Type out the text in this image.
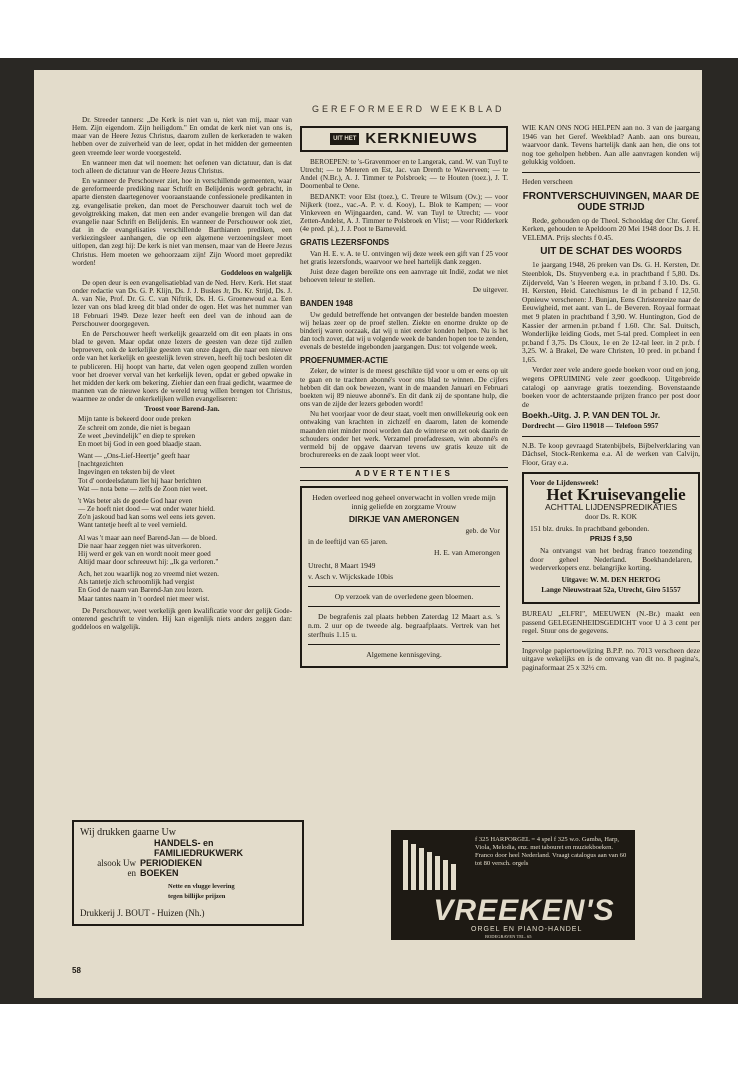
GEREFORMEERD WEEKBLAD

Dr. Streeder tanners: „De Kerk is niet van u, niet van mij, maar van Hem. Zijn eigendom. Zijn heiligdom." En omdat de kerk niet van ons is, maar van de Heere Jezus Christus, daarom zullen de kerkeraden te waken hebben over de zuiverheid van de leer, opdat in het midden der gemeenten geen vreemde leer worde voorgesteld.

En wanneer men dat wil noemen: het oefenen van dictatuur, dan is dat toch alleen de dictatuur van de Heere Jezus Christus.

En wanneer de Perschouwer ziet, hoe in verschillende gemeenten, waar de gereformeerde prediking naar Schrift en Belijdenis wordt gebracht, in aparte diensten daartegenover vooraanstaande confessionele predikanten in zg. evangelisatie preken, dan moet de Perschouwer daaruit toch wel de gevolgtrekking maken, dat men een ander evangelie brengen wil dan dat evangelie naar Schrift en Belijdenis. En wanneer de Perschouwer ook ziet, dat in de evangelisaties verschillende Barthianen prediken, een verkiezingsleer aanhangen, die op een algemene verzoeningsleer moet uitlopen, dan zegt hij: De kerk is niet van mensen, maar van de Heere Jezus Christus. Hem moeten we gehoorzaam zijn! Zijn Woord moet gepredikt worden!

Goddeloos en walgelijk

De open deur is een evangelisatieblad van de Ned. Herv. Kerk. Het staat onder redactie van Ds. G. P. Klijn, Ds. J. J. Buskes Jr, Ds. Kr. Strijd, Ds. J. A. van Nie, Prof. Dr. G. C. van Niftrik, Ds. H. G. Groenewoud e.a. Een lezer van ons blad kreeg dit blad onder de ogen. Het was het nummer van 18 Februari 1949. Deze lezer heeft een deel van de inhoud aan de Perschouwer doorgegeven.

En de Perschouwer heeft werkelijk geaarzeld om dit een plaats in ons blad te geven. Maar opdat onze lezers de geesten van deze tijd zullen beproeven, ook de kerkelijke geesten van onze dagen, die naar een nieuwe orde van het kerkelijk en geestelijk leven streven, heeft hij toch besloten dit te publiceren. Hij hoopt van harte, dat velen ogen geopend zullen worden voor het droever verval van het kerkelijk leven, opdat er gebed opwake in het midden der kerk om bekering. Ziehier dan een fraai gedicht, waarmee de mannen van de nieuwe koers de wereld terug willen brengen tot Christus, waarmee ze onder de onkerkelijken willen evangeliseren:

Troost voor Barend-Jan.

Mijn tante is bekeerd door oude preken
Ze schreit om zonde, die niet is begaan
Ze weet „bevindelijk" en diep te spreken
En moet bij God in een goed blaadje staan.
Want — „Ons-Lief-Heertje" geeft haar
[nachtgezichten
Ingevingen en teksten bij de vleet
Tot d' oordeelsdatum liet hij haar berichten
Wat — nota bene — zelfs de Zoon niet weet.
't Was beter als de goede God haar even
— Ze hoeft niet dood — wat onder water hield.
Zo'n jaskoud bad kan soms wel eens iets geven.
Want tantetje heeft al te veel vernield.
Al was 't maar aan neef Barend-Jan — de bloed.
Die naar haar zeggen niet was uitverkoren.
Hij werd er gek van en wordt nooit meer goed
Altijd maar door schreeuwt hij: „Ik ga verloren."
Ach, het zou waarlijk nog zo vreemd niet wezen.
Als tantetje zich schroomlijk had vergist
En God de naam van Barend-Jan zou lezen.
Maar tantes naam in 't oordeel niet meer wist.

De Perschouwer, weet werkelijk geen kwalificatie voor der gelijk Gode-onterend geschrift te vinden. Hij kan eigenlijk niets anders zeggen dan: goddeloos en walgelijk.

Wij drukken gaarne Uw
HANDELS- en
FAMILIEDRUKWERK
alsook Uw PERIODIEKEN
en BOEKEN
Nette en vlugge levering
tegen billijke prijzen
Drukkerij J. BOUT - Huizen (Nh.)
58
UIT HET KERKNIEUWS

BEROEPEN: te 's-Gravenmoer en te Langerak, cand. W. van Tuyl te Utrecht; — te Meteren en Est, Jac. van Drenth te Wawerveen; — te Andel (N.Br.), A. J. Timmer te Polsbroek; — te Houten (toez.), J. T. Doornenbal te Oene.

BEDANKT: voor Elst (toez.), C. Treure te Wilsum (Ov.); — voor Nijkerk (toez., vac.-A. P. v. d. Kooy), L. Blok te Kampen; — voor Vinkeveen en Wijngaarden, cand. W. van Tuyl te Utrecht; — voor Zetten-Andelst, A. J. Timmer te Polsbroek en Vlist; — voor Ridderkerk (4e pred. pl.), J. J. Poot te Barneveld.

GRATIS LEZERSFONDS

Van H. E. v. A. te U. ontvingen wij deze week een gift van f 25 voor het gratis lezersfonds, waarvoor we heel hartelijk dank zeggen.

Juist deze dagen bereikte ons een aanvrage uit Indië, zodat we niet behoeven teleur te stellen.

De uitgever.

BANDEN 1948

Uw geduld betreffende het ontvangen der bestelde banden moesten wij helaas zeer op de proef stellen. Ziekte en enorme drukte op de binderij waren oorzaak, dat wij u niet eerder konden helpen. Nu is het dan toch zover, dat wij u volgende week de banden hopen toe te zenden, evenals de bestelde ingebonden jaargangen. Dus: tot volgende week.

PROEFNUMMER-ACTIE

Zeker, de winter is de meest geschikte tijd voor u om er eens op uit te gaan en te trachten abonné's voor ons blad te winnen. De cijfers hebben dit dan ook bewezen, want in de maanden Januari en Februari boekten wij 89 nieuwe abonné's. En dit dank zij de spontane hulp, die ons van de zijde der lezers geboden wordt!

Nu het voorjaar voor de deur staat, voelt men onwillekeurig ook een ontwaking van krachten in zichzelf en daarom, laten de komende maanden niet minder mooi worden dan de winterse en zet ook daarin de schouders onder het werk. Verzamel proefadressen, win abonné's en vermeld bij de opgave daarvan tevens uw gratis keuze uit de brochurereeks en de zaak loopt weer vlot.

ADVERTENTIES

Heden overleed nog geheel onverwacht in vollen vrede mijn innig geliefde en zorgzame Vrouw

DIRKJE VAN AMERONGEN

geb. de Vor

in de leeftijd van 65 jaren.

H. E. van Amerongen

Utrecht, 8 Maart 1949

v. Asch v. Wijckskade 10bis

Op verzoek van de overledene geen bloemen.

De begrafenis zal plaats hebben Zaterdag 12 Maart a.s. 's n.m. 2 uur op de tweede alg. begraafplaats. Vertrek van het sterfhuis 1.15 u.

Algemene kennisgeving.

f 325 HARPORGEL = 4 spel f 325 w.o. Gamba, Harp, Viola, Melodia, enz. met tabouret en muziekboeken. Franco door heel Nederland. Vraagt catalogus aan van 60 tot 80 versch. orgels
VREEKEN'S
ORGEL EN PIANO-HANDEL
BODEGRAVEN TEL. 65

WIE KAN ONS NOG HELPEN aan no. 3 van de jaargang 1946 van het Geref. Weekblad? Aanb. aan ons bureau, waarvoor dank. Tevens hartelijk dank aan hen, die ons tot nog toe geholpen hebben. Aan alle aanvragen konden wij gelukkig voldoen.

Heden verscheen

FRONTVERSCHUIVINGEN, MAAR DE OUDE STRIJD

Rede, gehouden op de Theol. Schooldag der Chr. Geref. Kerken, gehouden te Apeldoorn 20 Mei 1948 door Ds. J. H. VELEMA. Prijs slechts f 0.45.

UIT DE SCHAT DES WOORDS

1e jaargang 1948, 26 preken van Ds. G. H. Kersten, Dr. Steenblok, Ds. Stuyvenberg e.a. in prachtband f 5,80. Ds. Zijderveld, Van 's Heeren wegen, in pr.band f 3.10. Ds. G. H. Kersten, Heid. Catechismus 1e dl in pr.band f 12,50. Opnieuw verschenen: J. Bunjan, Eens Christenreize naar de Eeuwigheid, met aant. van L. de Beveren. Royaal formaat met 9 platen in prachtband f 3,90. W. Huntington, God de Kassier der armen.in pr.band f 1.60. Chr. Sal. Duitsch, Wonderlijke leiding Gods, met 5-tal pred. Compleet in een pr.band f 3,75. Ds Cloux, 1e en 2e 12-tal leer. in 2 pr.b. f 3,25. W. à Brakel, De ware Christen, 10 pred. in pr.band f 1,65.

Verder zeer vele andere goede boeken voor oud en jong, wegens OPRUIMING vele zeer goedkoop. Uitgebreide catalogi op aanvrage gratis toezending. Bovenstaande boeken voor de achterstaande prijzen franco per post door de

Boekh.-Uitg. J. P. VAN DEN TOL Jr.

Dordrecht — Giro 119018 — Telefoon 5957

N.B. Te koop gevraagd Statenbijbels, Bijbelverklaring van Dächsel, Stock-Renkema e.a. Al de werken van Calvijn, Floor, Gray e.a.

Voor de Lijdensweek!

Het Kruisevangelie

ACHTTAL LIJDENSPREDIKATIES

door Ds. R. KOK

151 blz. druks. In prachtband gebonden.

PRIJS f 3,50

Na ontvangst van het bedrag franco toezending door geheel Nederland. Boekhandelaren, wederverkopers enz. belangrijke korting.

Uitgave: W. M. DEN HERTOG

Lange Nieuwstraat 52a, Utrecht, Giro 51557

BUREAU „ELFRI", MEEUWEN (N.-Br.) maakt een passend GELEGENHEIDSGEDICHT voor U à 3 cent per regel. Stuur ons de gegevens.

Ingevolge papiertoewijzing B.P.P. no. 7013 verscheen deze uitgave wekelijks en is de omvang van dit no. 8 pagina's, paginaformaat 25 x 32½ cm.
